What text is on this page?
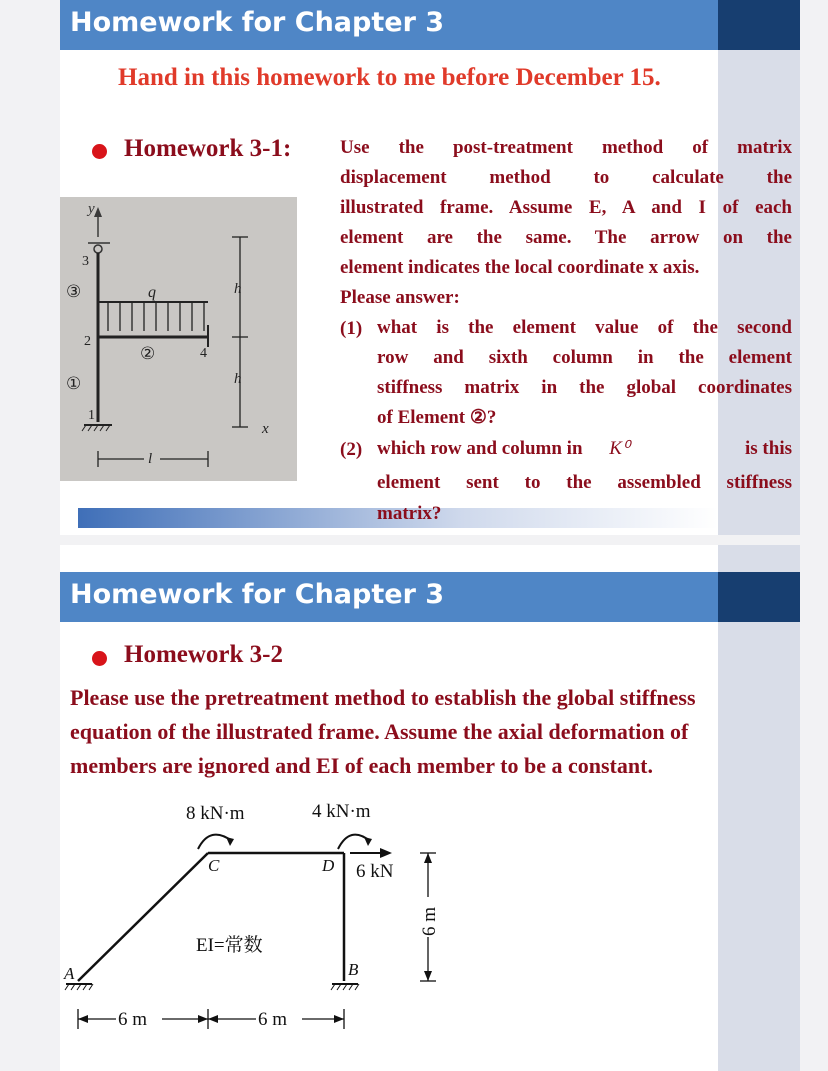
Homework for Chapter 3
Hand in this homework to me before December 15.
Homework 3-1:	Use the post-treatment method of matrix
displacement method to calculate the
illustrated frame. Assume E, A and I of each
element are the same. The arrow on the
element indicates the local coordinate x axis.
Please answer:
(1) what is the element value of the second
row and sixth column in the element
stiffness matrix in the global coordinates
of Element ②?
(2) which row and column in K⁰	is this
element sent to the assembled stiffness
y
q
4
3
2
1
③
①
②
h
h
x
l
matrix?
Homework for Chapter 3
Homework 3-2
Please use the pretreatment method to establish the global stiffness
equation of the illustrated frame. Assume the axial deformation of
members are ignored and EI of each member to be a constant.
8 kN·m	4 kN·m
C	D
A	B
6 kN
EI=常数
6 m
6 m	6 m
